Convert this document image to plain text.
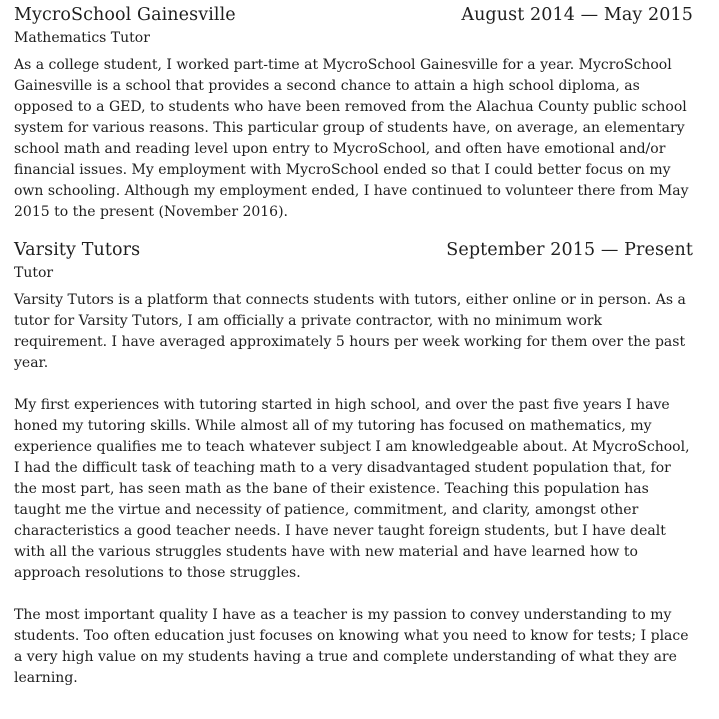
MycroSchool Gainesville	August 2014 — May 2015
Mathematics Tutor

As a college student, I worked part-time at MycroSchool Gainesville for a year. MycroSchool Gainesville is a school that provides a second chance to attain a high school diploma, as opposed to a GED, to students who have been removed from the Alachua County public school system for various reasons. This particular group of students have, on average, an elementary school math and reading level upon entry to MycroSchool, and often have emotional and/or financial issues. My employment with MycroSchool ended so that I could better focus on my own schooling. Although my employment ended, I have continued to volunteer there from May 2015 to the present (November 2016).

Varsity Tutors	September 2015 — Present
Tutor

Varsity Tutors is a platform that connects students with tutors, either online or in person. As a tutor for Varsity Tutors, I am officially a private contractor, with no minimum work requirement. I have averaged approximately 5 hours per week working for them over the past year.

My first experiences with tutoring started in high school, and over the past five years I have honed my tutoring skills. While almost all of my tutoring has focused on mathematics, my experience qualifies me to teach whatever subject I am knowledgeable about. At MycroSchool, I had the difficult task of teaching math to a very disadvantaged student population that, for the most part, has seen math as the bane of their existence. Teaching this population has taught me the virtue and necessity of patience, commitment, and clarity, amongst other characteristics a good teacher needs. I have never taught foreign students, but I have dealt with all the various struggles students have with new material and have learned how to approach resolutions to those struggles.

The most important quality I have as a teacher is my passion to convey understanding to my students. Too often education just focuses on knowing what you need to know for tests; I place a very high value on my students having a true and complete understanding of what they are learning.
